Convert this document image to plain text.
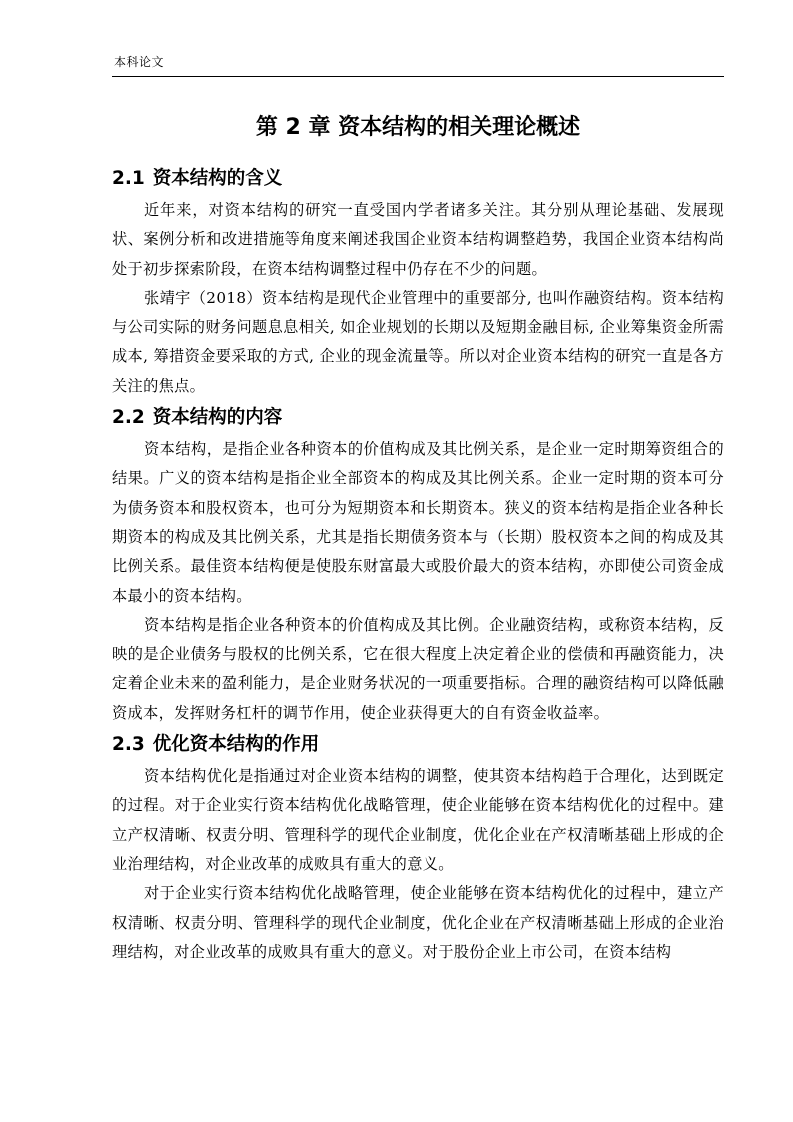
本科论文
第 2 章 资本结构的相关理论概述
2.1 资本结构的含义

近年来，对资本结构的研究一直受国内学者诸多关注。其分别从理论基础、发展现状、案例分析和改进措施等角度来阐述我国企业资本结构调整趋势，我国企业资本结构尚处于初步探索阶段，在资本结构调整过程中仍存在不少的问题。

张靖宇（2018）资本结构是现代企业管理中的重要部分, 也叫作融资结构。资本结构与公司实际的财务问题息息相关, 如企业规划的长期以及短期金融目标, 企业筹集资金所需成本, 筹措资金要采取的方式, 企业的现金流量等。所以对企业资本结构的研究一直是各方关注的焦点。

2.2 资本结构的内容

资本结构，是指企业各种资本的价值构成及其比例关系，是企业一定时期筹资组合的结果。广义的资本结构是指企业全部资本的构成及其比例关系。企业一定时期的资本可分为债务资本和股权资本，也可分为短期资本和长期资本。狭义的资本结构是指企业各种长期资本的构成及其比例关系，尤其是指长期债务资本与（长期）股权资本之间的构成及其比例关系。最佳资本结构便是使股东财富最大或股价最大的资本结构，亦即使公司资金成本最小的资本结构。

资本结构是指企业各种资本的价值构成及其比例。企业融资结构，或称资本结构，反映的是企业债务与股权的比例关系，它在很大程度上决定着企业的偿债和再融资能力，决定着企业未来的盈利能力，是企业财务状况的一项重要指标。合理的融资结构可以降低融资成本，发挥财务杠杆的调节作用，使企业获得更大的自有资金收益率。

2.3 优化资本结构的作用

资本结构优化是指通过对企业资本结构的调整，使其资本结构趋于合理化，达到既定的过程。对于企业实行资本结构优化战略管理，使企业能够在资本结构优化的过程中。建立产权清晰、权责分明、管理科学的现代企业制度，优化企业在产权清晰基础上形成的企业治理结构，对企业改革的成败具有重大的意义。

对于企业实行资本结构优化战略管理，使企业能够在资本结构优化的过程中，建立产权清晰、权责分明、管理科学的现代企业制度，优化企业在产权清晰基础上形成的企业治理结构，对企业改革的成败具有重大的意义。对于股份企业上市公司，在资本结构
